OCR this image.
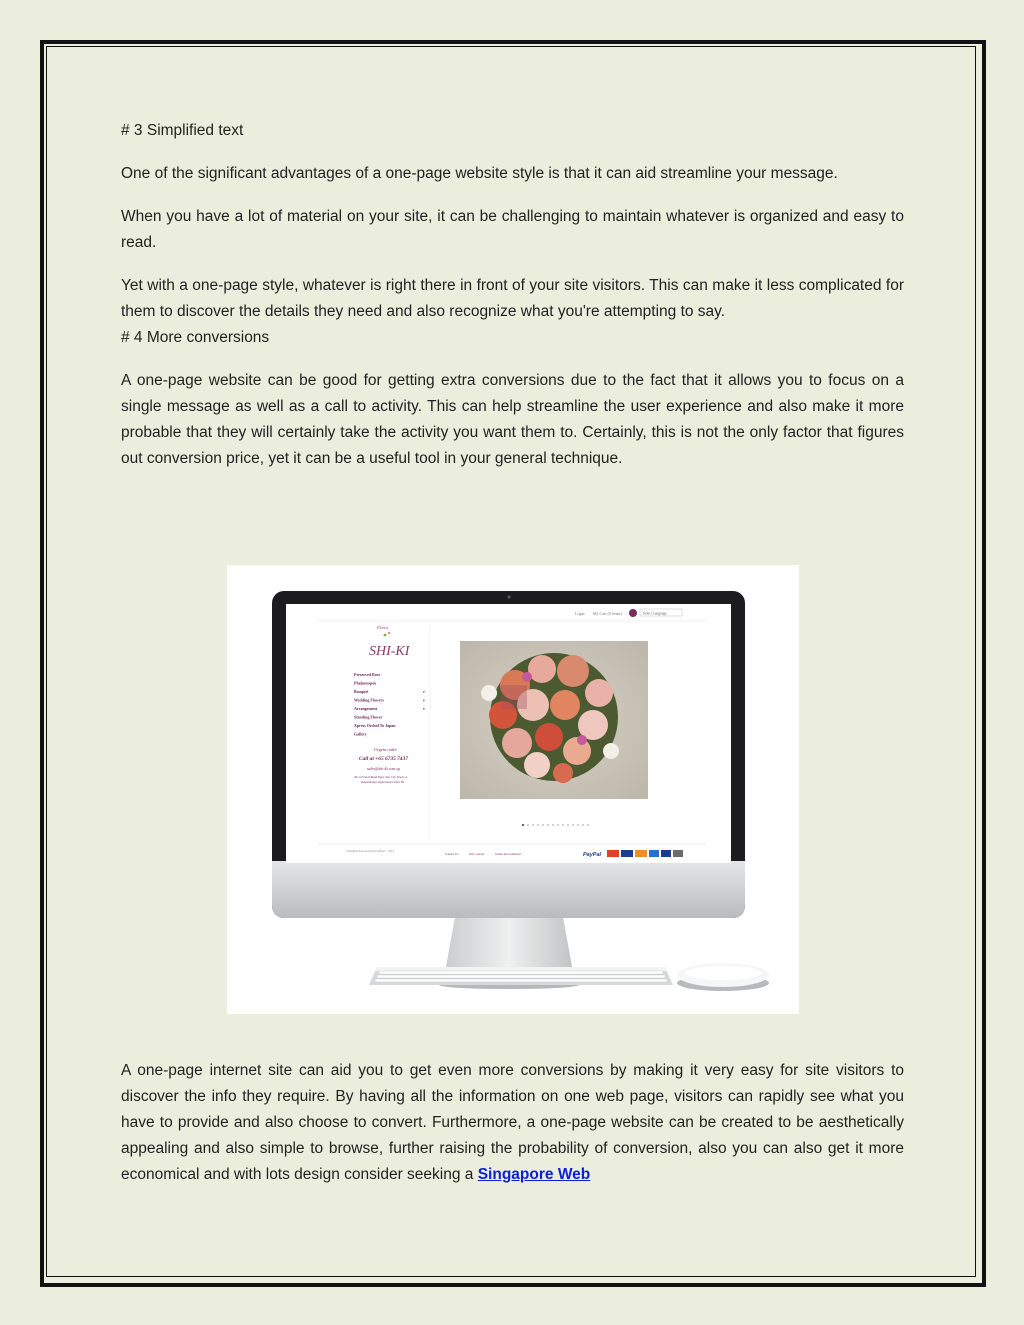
# 3 Simplified text

One of the significant advantages of a one-page website style is that it can aid streamline your message.

When you have a lot of material on your site, it can be challenging to maintain whatever is organized and easy to read.

Yet with a one-page style, whatever is right there in front of your site visitors. This can make it less complicated for them to discover the details they need and also recognize what you're attempting to say.

# 4 More conversions

A one-page website can be good for getting extra conversions due to the fact that it allows you to focus on a single message as well as a call to activity. This can help streamline the user experience and also make it more probable that they will certainly take the activity you want them to. Certainly, this is not the only factor that figures out conversion price, yet it can be a useful tool in your general technique.

Login My Cart (0 items)	Select Language
Florist
SHI-KI
Preserved Rose
Phalaenopsis
Bouquet
Wedding Flowers
Arrangement
Standing Flower
Xpress Orchid To Japan
Gallery
▾
▾
▾
Urgent order
Call at +65 6735 7437
sales@shi-ki.com.sg
391 Orchard Road Ngee Ann City Tower A
Takashimaya Department Store B1
All Rights Reserved Florist Shi-Ki © 2015
Contact Us	Our Concept	Terms and conditions	PayPal

A one-page internet site can aid you to get even more conversions by making it very easy for site visitors to discover the info they require. By having all the information on one web page, visitors can rapidly see what you have to provide and also choose to convert. Furthermore, a one-page website can be created to be aesthetically appealing and also simple to browse, further raising the probability of conversion, also you can also get it more economical and with lots design consider seeking a Singapore Web
